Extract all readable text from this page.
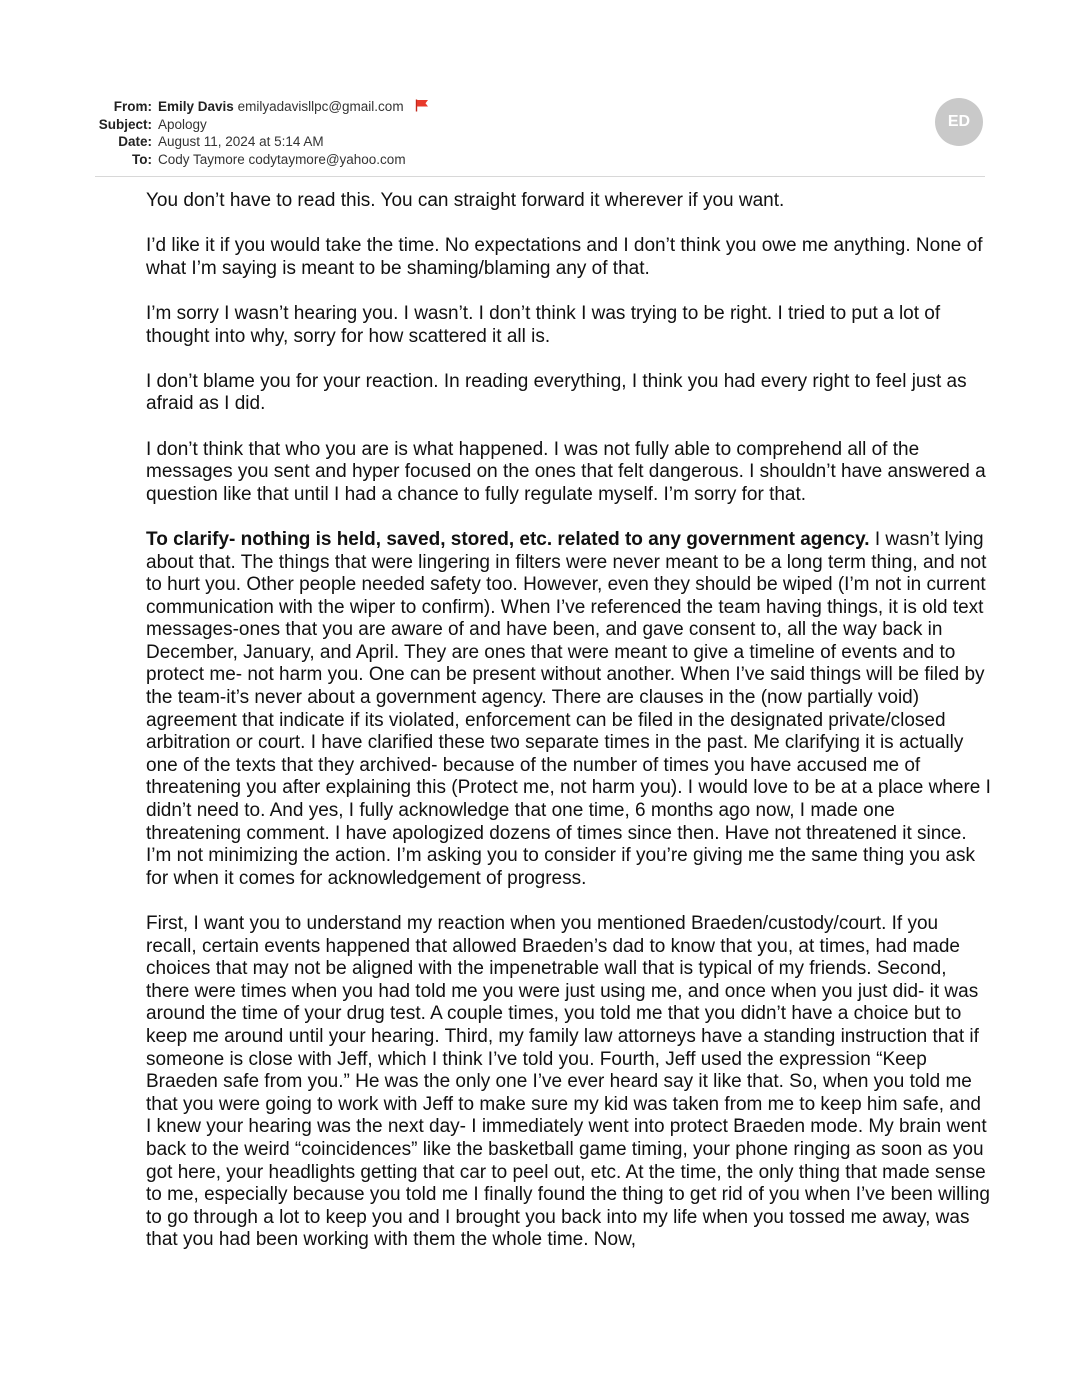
From: Emily Davis emilyadavisllpc@gmail.com
Subject: Apology
Date: August 11, 2024 at 5:14 AM
To: Cody Taymore codytaymore@yahoo.com
ED

You don’t have to read this. You can straight forward it wherever if you want.

I’d like it if you would take the time. No expectations and I don’t think you owe me anything. None of what I’m saying is meant to be shaming/blaming any of that.

I’m sorry I wasn’t hearing you. I wasn’t. I don’t think I was trying to be right. I tried to put a lot of thought into why, sorry for how scattered it all is.

I don’t blame you for your reaction. In reading everything, I think you had every right to feel just as afraid as I did.

I don’t think that who you are is what happened. I was not fully able to comprehend all of the messages you sent and hyper focused on the ones that felt dangerous. I shouldn’t have answered a question like that until I had a chance to fully regulate myself. I’m sorry for that.

To clarify- nothing is held, saved, stored, etc. related to any government agency. I wasn’t lying about that. The things that were lingering in filters were never meant to be a long term thing, and not to hurt you. Other people needed safety too. However, even they should be wiped (I’m not in current communication with the wiper to confirm). When I’ve referenced the team having things, it is old text messages-ones that you are aware of and have been, and gave consent to, all the way back in December, January, and April. They are ones that were meant to give a timeline of events and to protect me- not harm you. One can be present without another. When I’ve said things will be filed by the team-it’s never about a government agency. There are clauses in the (now partially void) agreement that indicate if its violated, enforcement can be filed in the designated private/closed arbitration or court. I have clarified these two separate times in the past. Me clarifying it is actually one of the texts that they archived- because of the number of times you have accused me of threatening you after explaining this (Protect me, not harm you). I would love to be at a place where I didn’t need to. And yes, I fully acknowledge that one time, 6 months ago now, I made one threatening comment. I have apologized dozens of times since then. Have not threatened it since. I’m not minimizing the action. I’m asking you to consider if you’re giving me the same thing you ask for when it comes for acknowledgement of progress.

First, I want you to understand my reaction when you mentioned Braeden/custody/court. If you recall, certain events happened that allowed Braeden’s dad to know that you, at times, had made choices that may not be aligned with the impenetrable wall that is typical of my friends. Second, there were times when you had told me you were just using me, and once when you just did- it was around the time of your drug test. A couple times, you told me that you didn’t have a choice but to keep me around until your hearing. Third, my family law attorneys have a standing instruction that if someone is close with Jeff, which I think I’ve told you. Fourth, Jeff used the expression “Keep Braeden safe from you.” He was the only one I’ve ever heard say it like that. So, when you told me that you were going to work with Jeff to make sure my kid was taken from me to keep him safe, and I knew your hearing was the next day- I immediately went into protect Braeden mode. My brain went back to the weird “coincidences” like the basketball game timing, your phone ringing as soon as you got here, your headlights getting that car to peel out, etc. At the time, the only thing that made sense to me, especially because you told me I finally found the thing to get rid of you when I’ve been willing to go through a lot to keep you and I brought you back into my life when you tossed me away, was that you had been working with them the whole time. Now,
